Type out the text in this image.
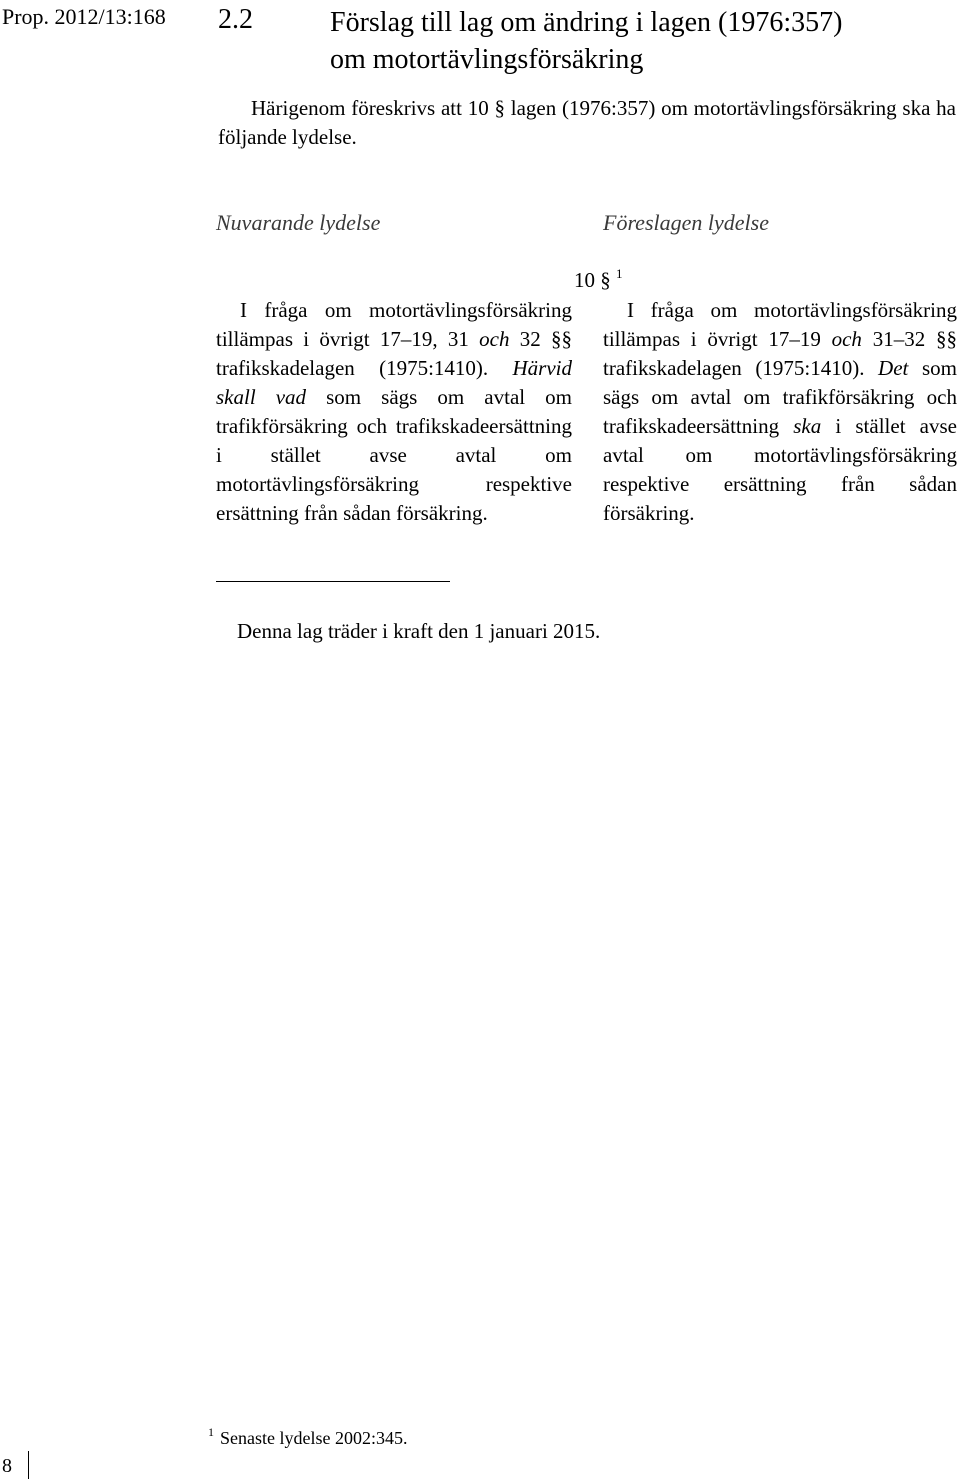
Prop. 2012/13:168 2.2	Förslag till lag om ändring i lagen (1976:357)
om motortävlingsförsäkring
Härigenom föreskrivs att 10 § lagen (1976:357) om motortävlingsförsäkring ska ha följande lydelse.
Nuvarande lydelse	Föreslagen lydelse
10 § $^1$
I fråga om motortävlingsförsäkring tillämpas i övrigt 17–19, 31 och 32 §§ trafikskadelagen (1975:1410). Härvid skall vad som sägs om avtal om trafikförsäkring och trafikskadeersättning i stället avse avtal om motortävlingsförsäkring respektive ersättning från sådan försäkring.
I fråga om motortävlingsförsäkring tillämpas i övrigt 17–19 och 31–32 §§ trafikskadelagen (1975:1410). Det som sägs om avtal om trafikförsäkring och trafikskadeersättning ska i stället avse avtal om motortävlingsförsäkring respektive ersättning från sådan försäkring.
Denna lag träder i kraft den 1 januari 2015.
$^1$ Senaste lydelse 2002:345.
8
